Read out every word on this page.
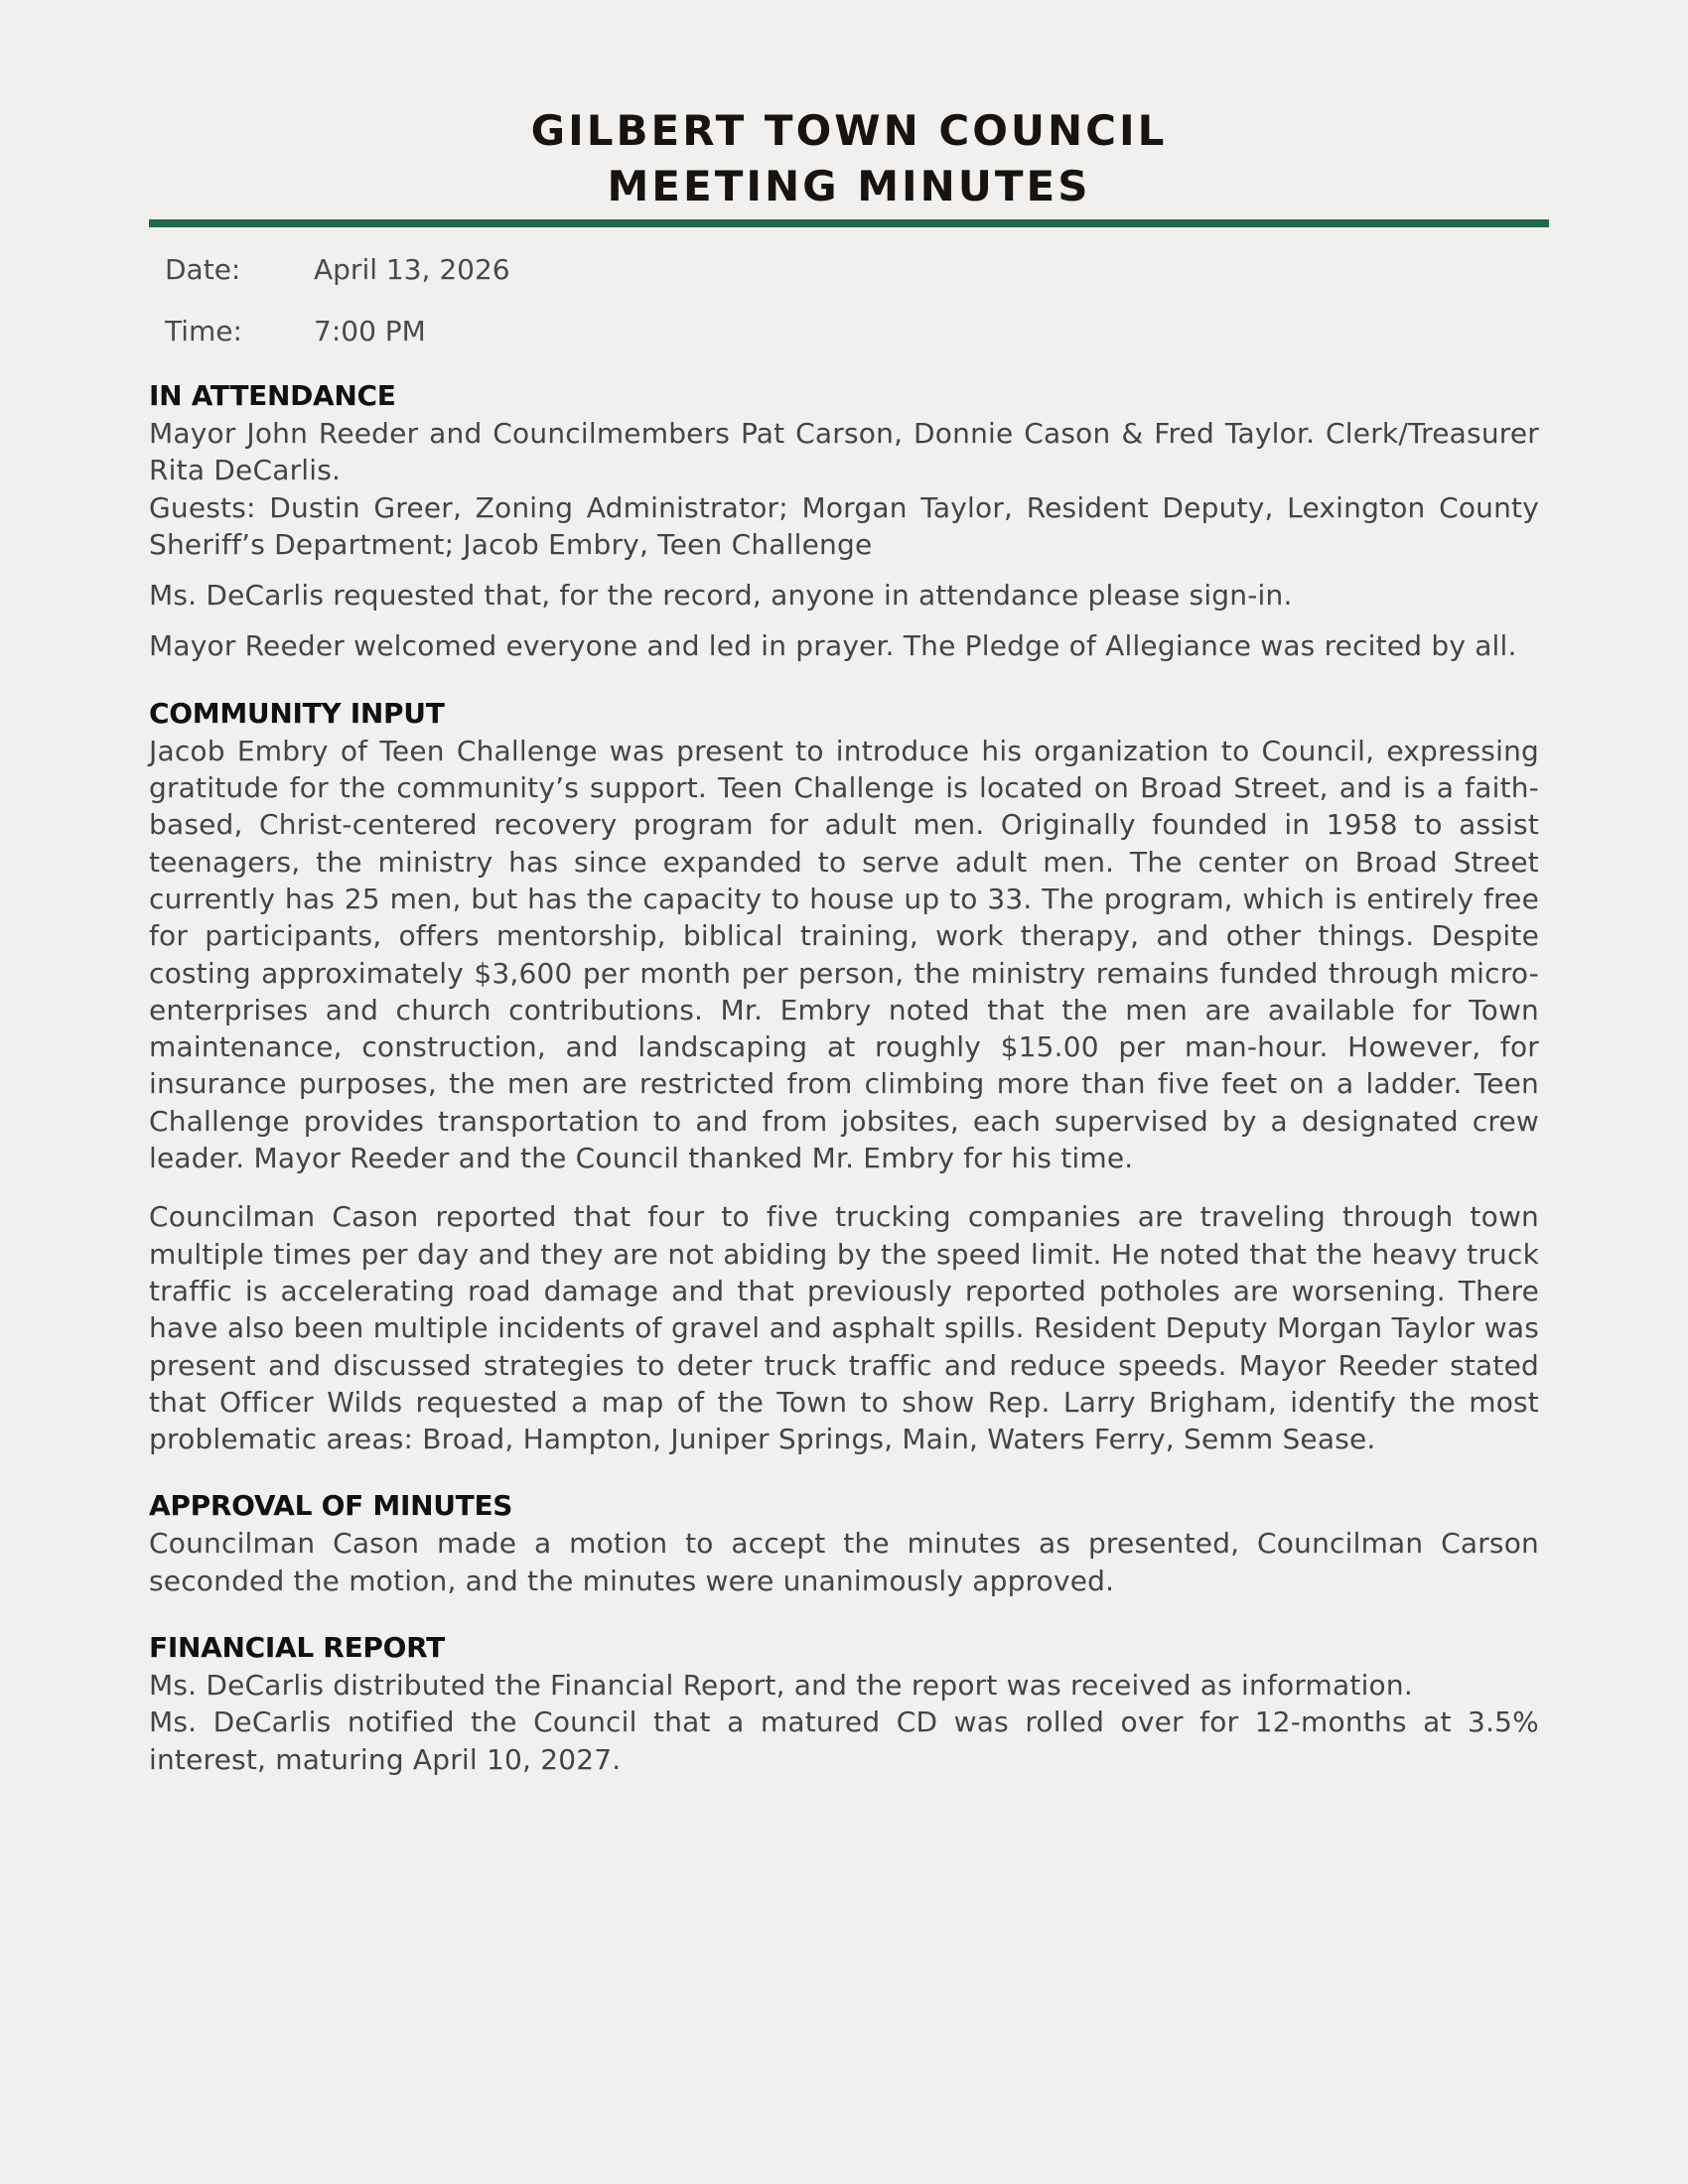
GILBERT TOWN COUNCIL
MEETING MINUTES
Date:	April 13, 2026
Time:	7:00 PM
IN ATTENDANCE

Mayor John Reeder and Councilmembers Pat Carson, Donnie Cason & Fred Taylor. Clerk/Treasurer Rita DeCarlis.

Guests: Dustin Greer, Zoning Administrator; Morgan Taylor, Resident Deputy, Lexington County Sheriff’s Department; Jacob Embry, Teen Challenge

Ms. DeCarlis requested that, for the record, anyone in attendance please sign-in.

Mayor Reeder welcomed everyone and led in prayer. The Pledge of Allegiance was recited by all.

COMMUNITY INPUT

Jacob Embry of Teen Challenge was present to introduce his organization to Council, expressing gratitude for the community’s support. Teen Challenge is located on Broad Street, and is a faith-based, Christ-centered recovery program for adult men. Originally founded in 1958 to assist teenagers, the ministry has since expanded to serve adult men. The center on Broad Street currently has 25 men, but has the capacity to house up to 33. The program, which is entirely free for participants, offers mentorship, biblical training, work therapy, and other things. Despite costing approximately $3,600 per month per person, the ministry remains funded through micro-enterprises and church contributions. Mr. Embry noted that the men are available for Town maintenance, construction, and landscaping at roughly $15.00 per man-hour. However, for insurance purposes, the men are restricted from climbing more than five feet on a ladder. Teen Challenge provides transportation to and from jobsites, each supervised by a designated crew leader. Mayor Reeder and the Council thanked Mr. Embry for his time.

Councilman Cason reported that four to five trucking companies are traveling through town multiple times per day and they are not abiding by the speed limit. He noted that the heavy truck traffic is accelerating road damage and that previously reported potholes are worsening. There have also been multiple incidents of gravel and asphalt spills. Resident Deputy Morgan Taylor was present and discussed strategies to deter truck traffic and reduce speeds. Mayor Reeder stated that Officer Wilds requested a map of the Town to show Rep. Larry Brigham, identify the most problematic areas: Broad, Hampton, Juniper Springs, Main, Waters Ferry, Semm Sease.

APPROVAL OF MINUTES

Councilman Cason made a motion to accept the minutes as presented, Councilman Carson seconded the motion, and the minutes were unanimously approved.

FINANCIAL REPORT

Ms. DeCarlis distributed the Financial Report, and the report was received as information.

Ms. DeCarlis notified the Council that a matured CD was rolled over for 12-months at 3.5% interest, maturing April 10, 2027.
